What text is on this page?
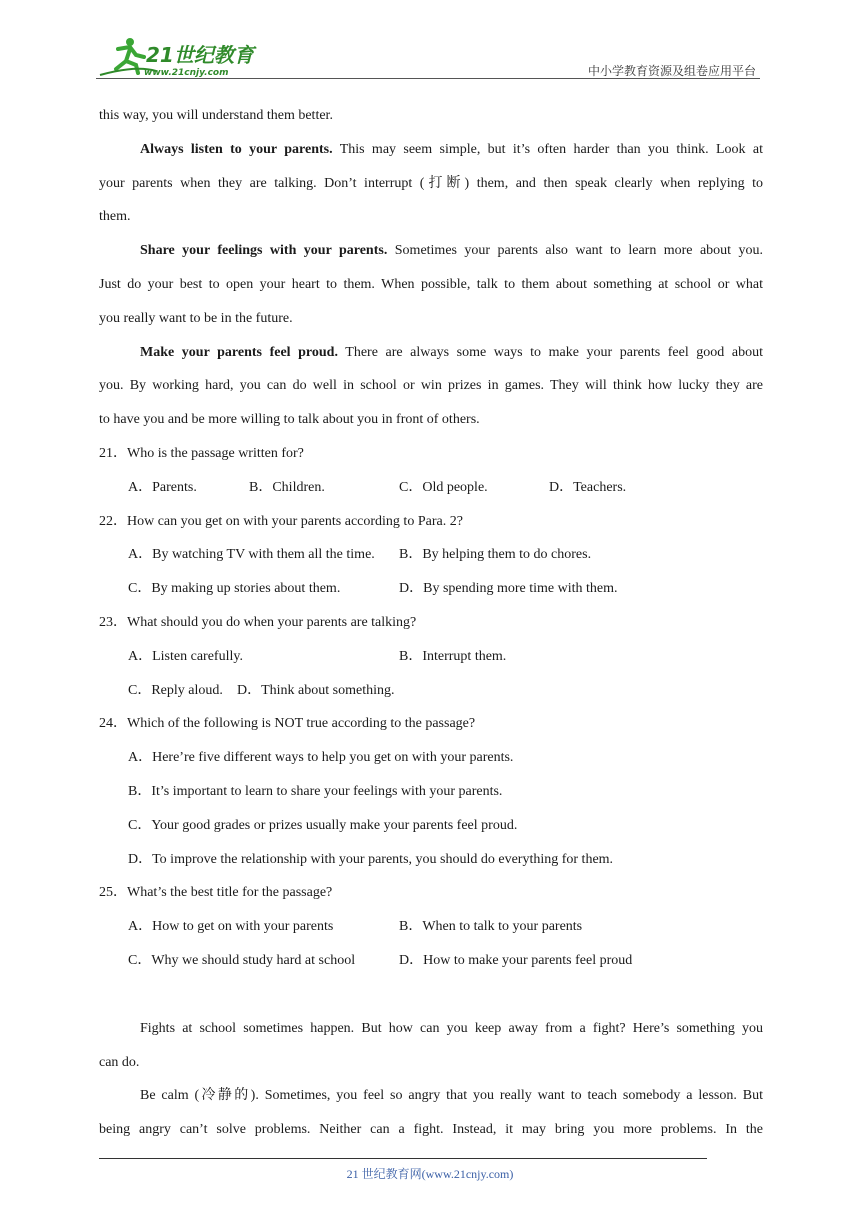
21世纪教育
www.21cnjy.com	中小学教育资源及组卷应用平台
this way, you will understand them better.
Always listen to your parents. This may seem simple, but it’s often harder than you think. Look at
your parents when they are talking. Don’t interrupt (打断) them, and then speak clearly when replying to
them.
Share your feelings with your parents. Sometimes your parents also want to learn more about you.
Just do your best to open your heart to them. When possible, talk to them about something at school or what
you really want to be in the future.
Make your parents feel proud. There are always some ways to make your parents feel good about
you. By working hard, you can do well in school or win prizes in games. They will think how lucky they are
to have you and be more willing to talk about you in front of others.
21．Who is the passage written for?
A．Parents.	B．Children.	C．Old people.	D．Teachers.
22．How can you get on with your parents according to Para. 2?
A．By watching TV with them all the time. B．By helping them to do chores.
C．By making up stories about them.	D．By spending more time with them.
23．What should you do when your parents are talking?
A．Listen carefully.	B．Interrupt them.
C．Reply aloud. D．Think about something.
24．Which of the following is NOT true according to the passage?
A．Here’re five different ways to help you get on with your parents.
B．It’s important to learn to share your feelings with your parents.
C．Your good grades or prizes usually make your parents feel proud.
D．To improve the relationship with your parents, you should do everything for them.
25．What’s the best title for the passage?
A．How to get on with your parents	B．When to talk to your parents
C．Why we should study hard at school	D．How to make your parents feel proud
Fights at school sometimes happen. But how can you keep away from a fight? Here’s something you
can do.
Be calm (冷静的). Sometimes, you feel so angry that you really want to teach somebody a lesson. But
being angry can’t solve problems. Neither can a fight. Instead, it may bring you more problems. In the
21 世纪教育网(www.21cnjy.com)
